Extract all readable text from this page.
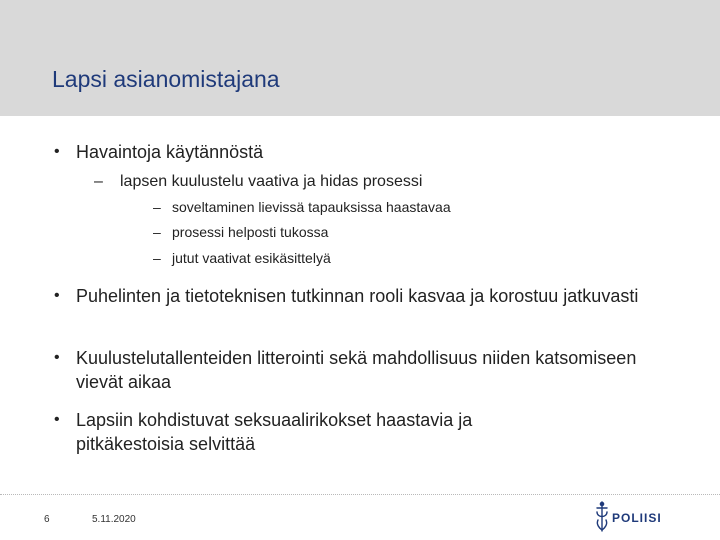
Lapsi asianomistajana
• Havaintoja käytännöstä
– lapsen kuulustelu vaativa ja hidas prosessi
– soveltaminen lievissä tapauksissa haastavaa
– prosessi helposti tukossa
– jutut vaativat esikäsittelyä
• Puhelinten ja tietoteknisen tutkinnan rooli kasvaa ja korostuu jatkuvasti
• Kuulustelutallenteiden litterointi sekä mahdollisuus niiden katsomiseen vievät aikaa
• Lapsiin kohdistuvat seksuaalirikokset haastavia ja pitkäkestoisia selvittää
6	5.11.2020	POLIISI
